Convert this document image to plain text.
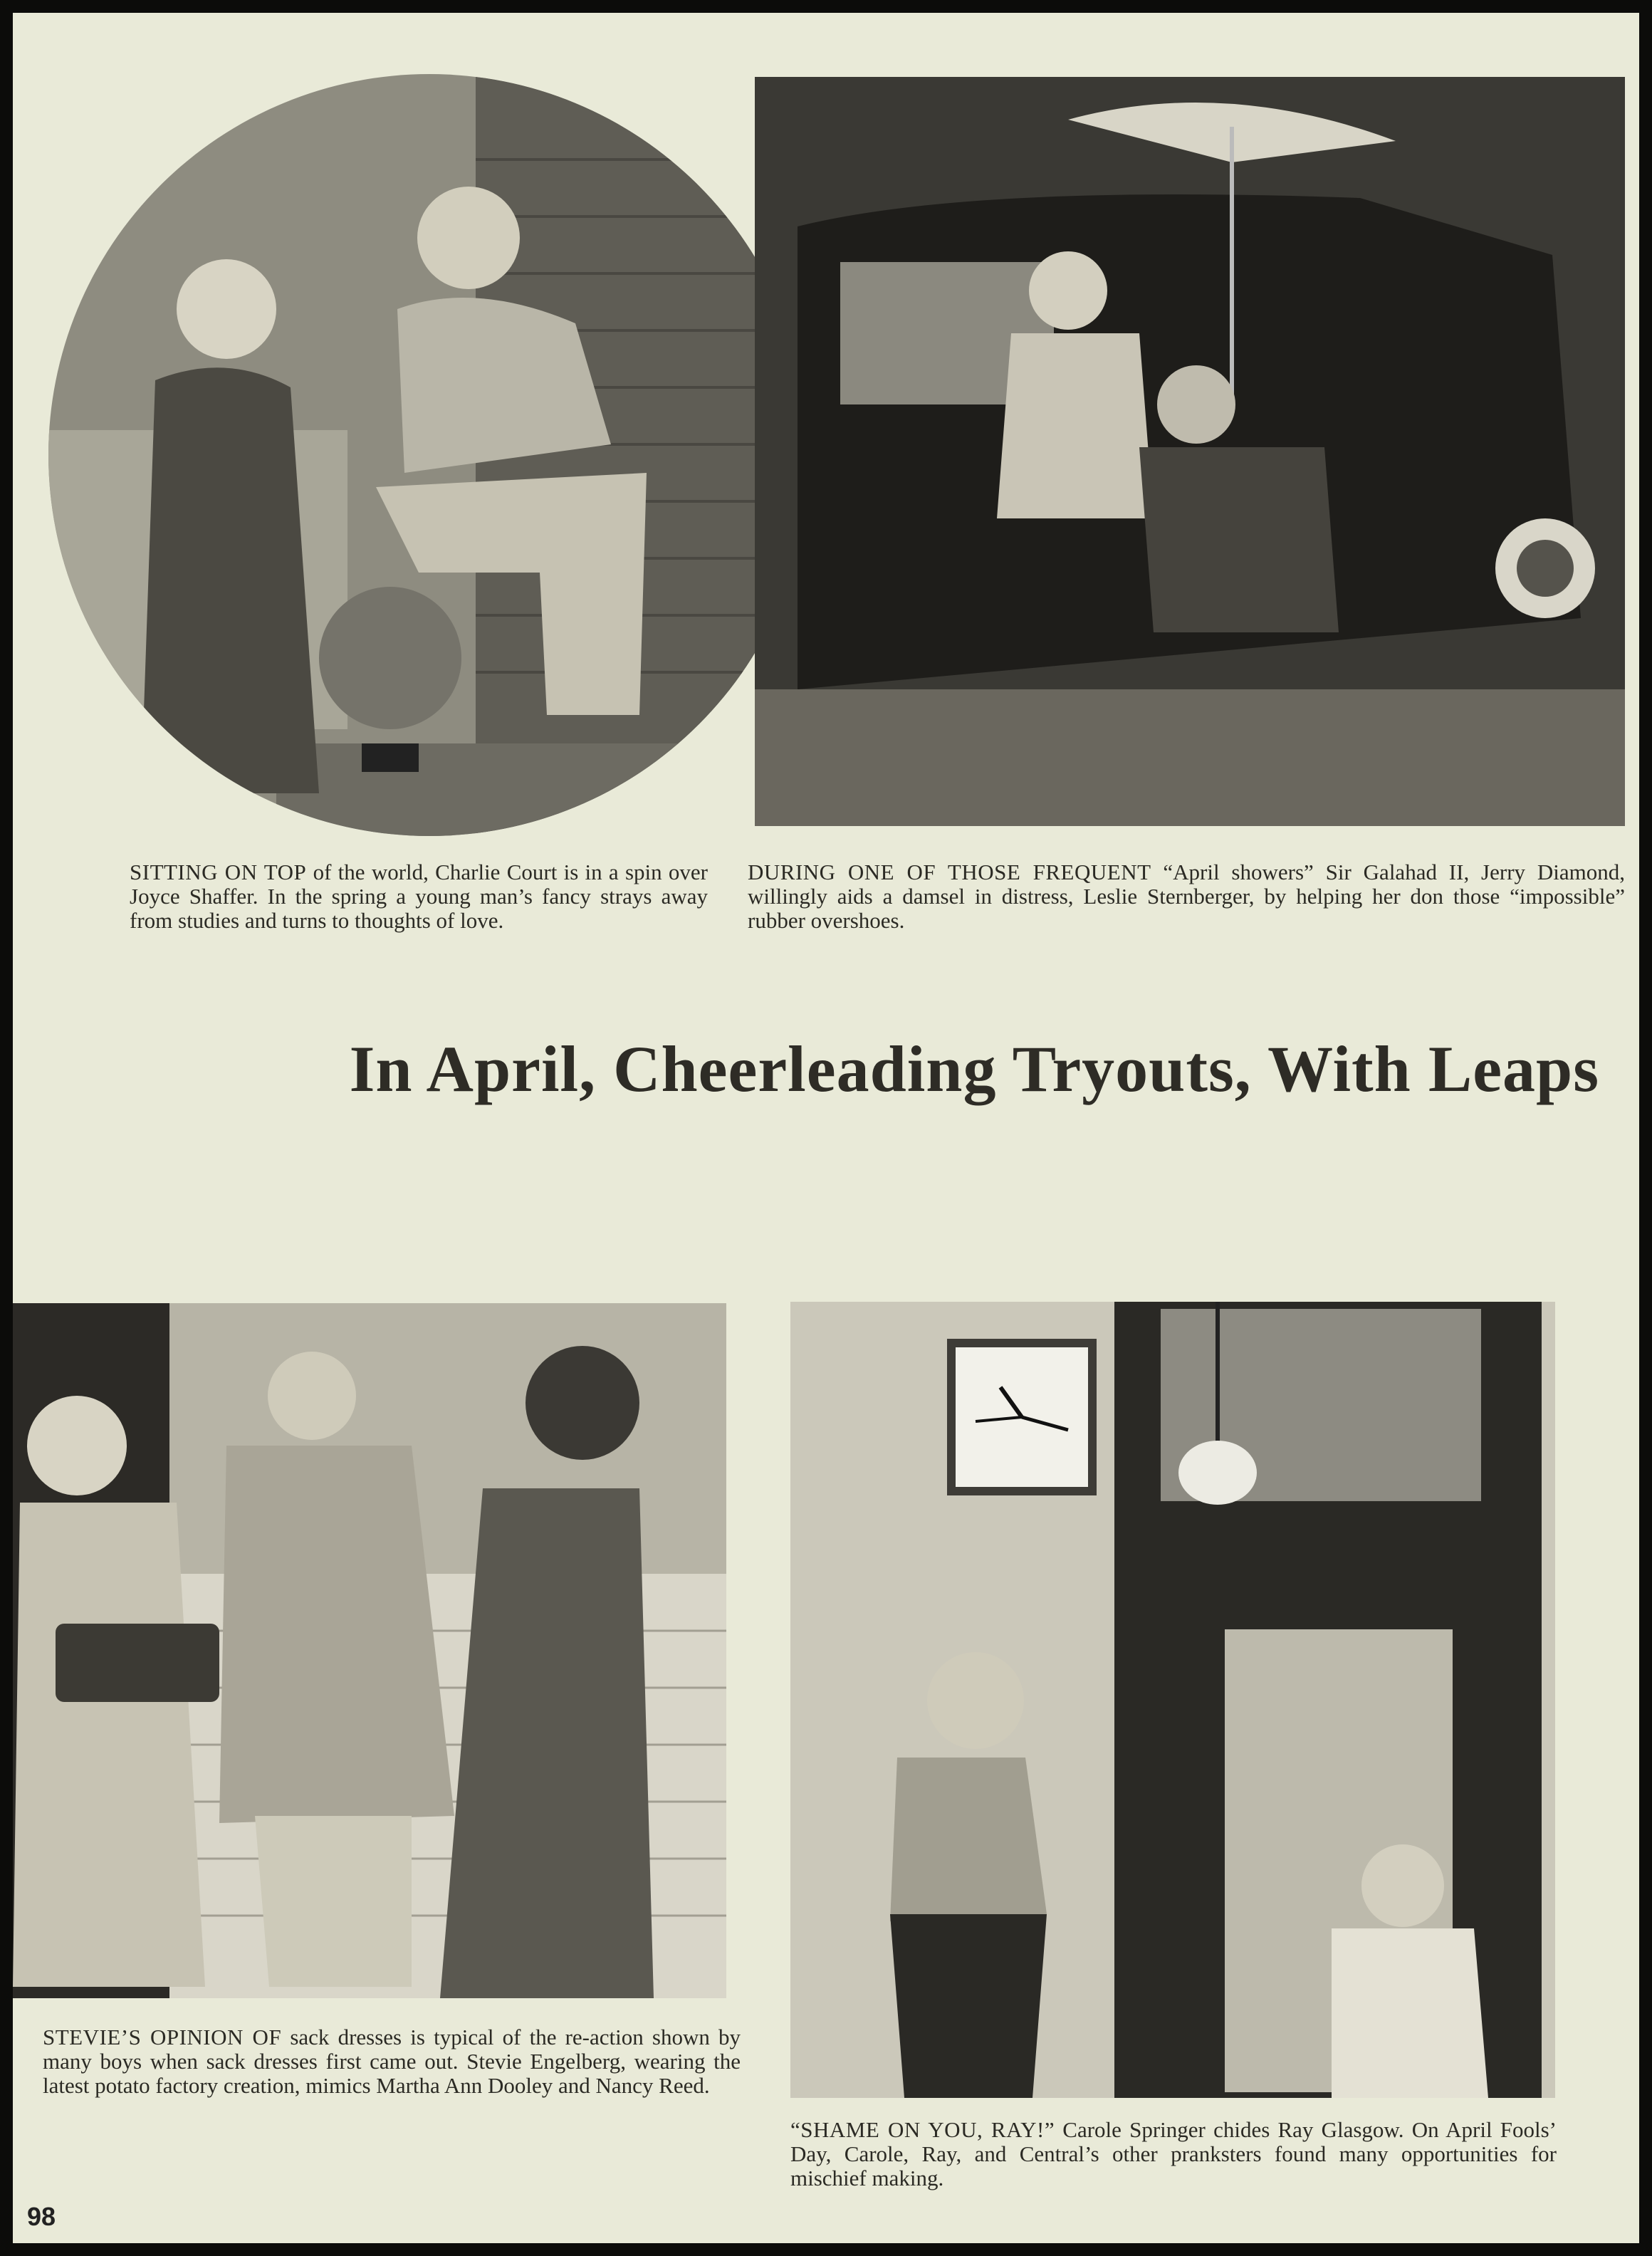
SITTING ON TOP of the world, Charlie Court is in a spin over Joyce Shaffer. In the spring a young man’s fancy strays away from studies and turns to thoughts of love.
DURING ONE OF THOSE FREQUENT “April showers” Sir Galahad II, Jerry Diamond, willingly aids a damsel in distress, Leslie Sternberger, by helping her don those “impossible” rubber overshoes.
In April, Cheerleading Tryouts, With Leaps
STEVIE’S OPINION OF sack dresses is typical of the re-action shown by many boys when sack dresses first came out. Stevie Engelberg, wearing the latest potato factory creation, mimics Martha Ann Dooley and Nancy Reed.
“SHAME ON YOU, RAY!” Carole Springer chides Ray Glasgow. On April Fools’ Day, Carole, Ray, and Central’s other pranksters found many opportunities for mischief making.
98
